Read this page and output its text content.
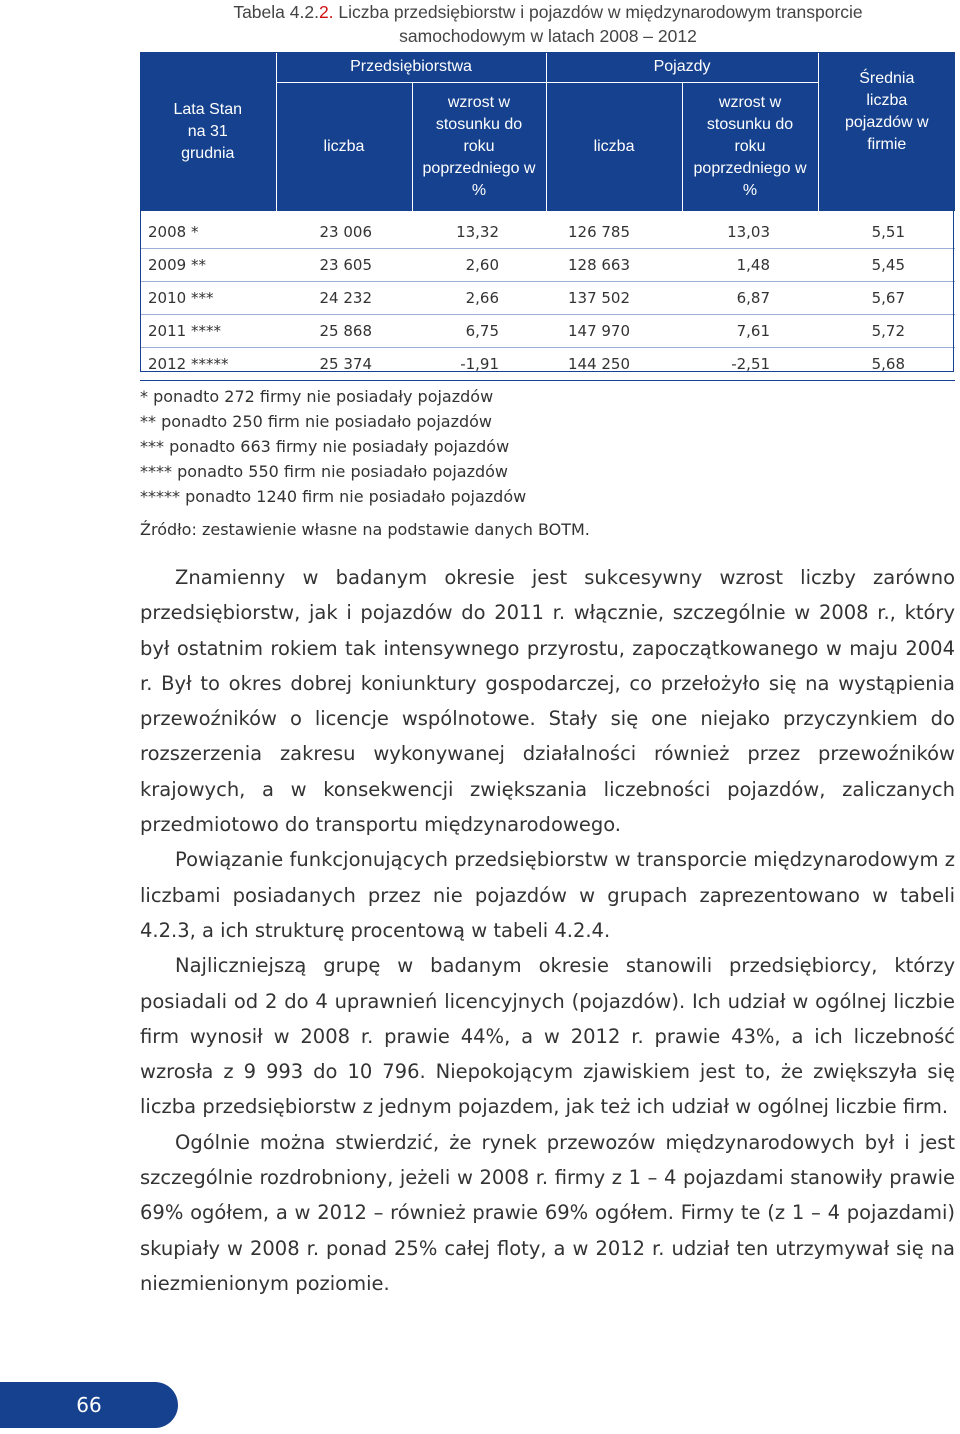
Tabela 4.2.2. Liczba przedsiębiorstw i pojazdów w międzynarodowym transporcie
samochodowym w latach 2008 – 2012
Lata Stan na 31 grudnia	Przedsiębiorstwa		Pojazdy		Średnia liczba pojazdów w firmie

	liczba	wzrost w stosunku do roku poprzedniego w %	liczba	wzrost w stosunku do roku poprzedniego w %	

2008 *	23 006	13,32	126 785	13,03	5,51
2009 **	23 605	2,60	128 663	1,48	5,45
2010 ***	24 232	2,66	137 502	6,87	5,67
2011 ****	25 868	6,75	147 970	7,61	5,72
2012 *****	25 374	-1,91	144 250	-2,51	5,68
* ponadto 272 firmy nie posiadały pojazdów
** ponadto 250 firm nie posiadało pojazdów
*** ponadto 663 firmy nie posiadały pojazdów
**** ponadto 550 firm nie posiadało pojazdów
***** ponadto 1240 firm nie posiadało pojazdów
Źródło: zestawienie własne na podstawie danych BOTM.

Znamienny w badanym okresie jest sukcesywny wzrost liczby zarówno przedsiębiorstw, jak i pojazdów do 2011 r. włącznie, szczególnie w 2008 r., który był ostatnim rokiem tak intensywnego przyrostu, zapoczątkowanego w maju 2004 r. Był to okres dobrej koniunktury gospodarczej, co przełożyło się na wystąpienia przewoźników o licencje wspólnotowe. Stały się one niejako przyczynkiem do rozszerzenia zakresu wykonywanej działalności również przez przewoźników krajowych, a w konsekwencji zwiększania liczebności pojazdów, zaliczanych przedmiotowo do transportu międzynarodowego.

Powiązanie funkcjonujących przedsiębiorstw w transporcie międzynarodowym z liczbami posiadanych przez nie pojazdów w grupach zaprezentowano w tabeli 4.2.3, a ich strukturę procentową w tabeli 4.2.4.

Najliczniejszą grupę w badanym okresie stanowili przedsiębiorcy, którzy posiadali od 2 do 4 uprawnień licencyjnych (pojazdów). Ich udział w ogólnej liczbie firm wynosił w 2008 r. prawie 44%, a w 2012 r. prawie 43%, a ich liczebność wzrosła z 9 993 do 10 796. Niepokojącym zjawiskiem jest to, że zwiększyła się liczba przedsiębiorstw z jednym pojazdem, jak też ich udział w ogólnej liczbie firm.

Ogólnie można stwierdzić, że rynek przewozów międzynarodowych był i jest szczególnie rozdrobniony, jeżeli w 2008 r. firmy z 1 – 4 pojazdami stanowiły prawie 69% ogółem, a w 2012 – również prawie 69% ogółem. Firmy te (z 1 – 4 pojazdami) skupiały w 2008 r. ponad 25% całej floty, a w 2012 r. udział ten utrzymywał się na niezmienionym poziomie.

66
